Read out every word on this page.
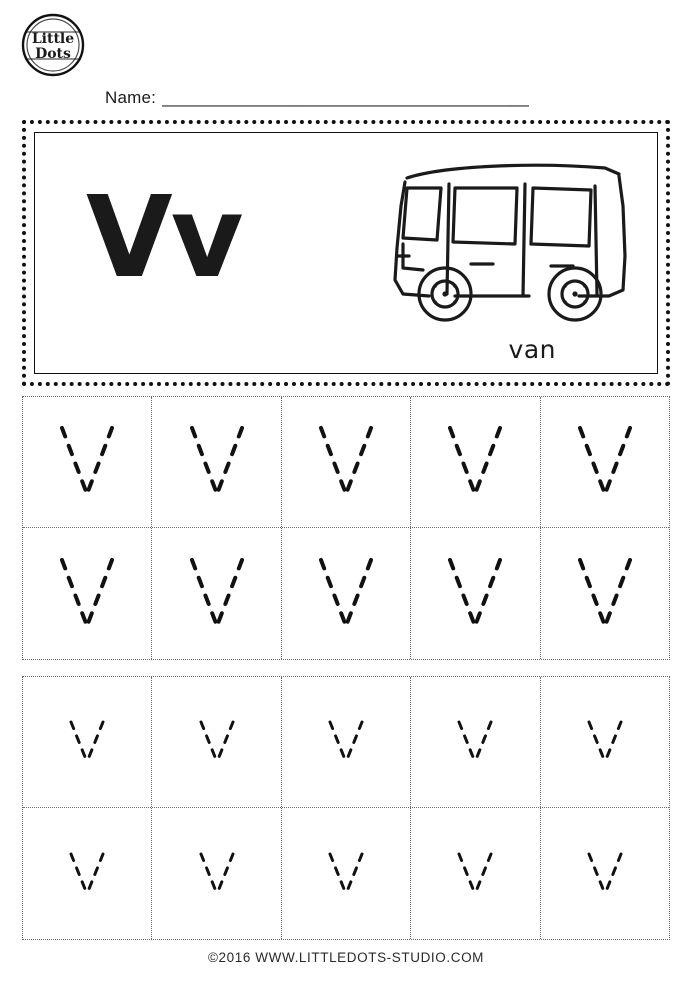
Little
Dots
Name: _________________________________________
Vv
van
©2016 WWW.LITTLEDOTS-STUDIO.COM
